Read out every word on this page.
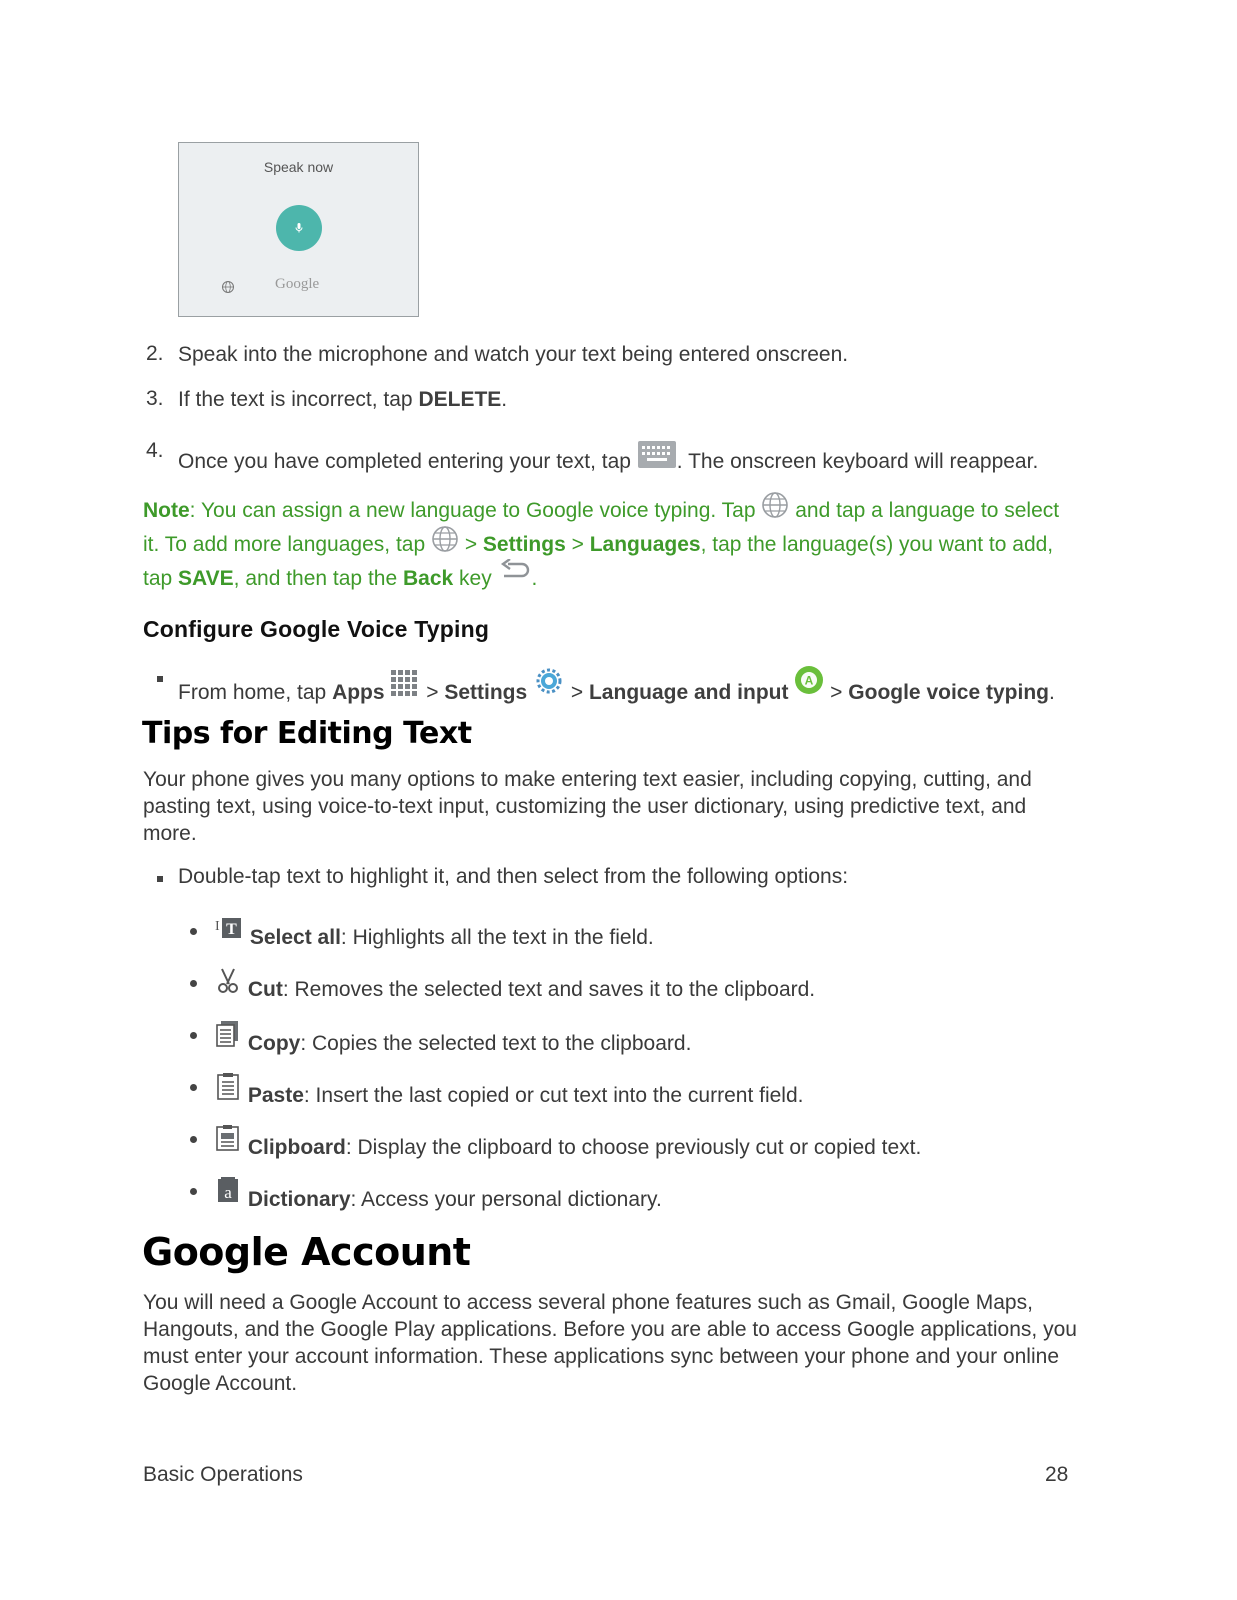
Speak now
Google
2. Speak into the microphone and watch your text being entered onscreen.
3. If the text is incorrect, tap DELETE.
4. Once you have completed entering your text, tap . The onscreen keyboard will reappear.
Note: You can assign a new language to Google voice typing. Tap and tap a language to select
it. To add more languages, tap  > Settings > Languages, tap the language(s) you want to add,
tap SAVE, and then tap the Back key .
Configure Google Voice Typing
From home, tap Apps  > Settings  > Language and input
A
> Google voice typing.
Tips for Editing Text

Your phone gives you many options to make entering text easier, including copying, cutting, and pasting text, using voice-to-text input, customizing the user dictionary, using predictive text, and more.

Double-tap text to highlight it, and then select from the following options:
I T Select all: Highlights all the text in the field.
Cut: Removes the selected text and saves it to the clipboard.
Copy: Copies the selected text to the clipboard.
Paste: Insert the last copied or cut text into the current field.
Clipboard: Display the clipboard to choose previously cut or copied text.
a Dictionary: Access your personal dictionary.
Google Account

You will need a Google Account to access several phone features such as Gmail, Google Maps, Hangouts, and the Google Play applications. Before you are able to access Google applications, you must enter your account information. These applications sync between your phone and your online Google Account.

Basic Operations	28
